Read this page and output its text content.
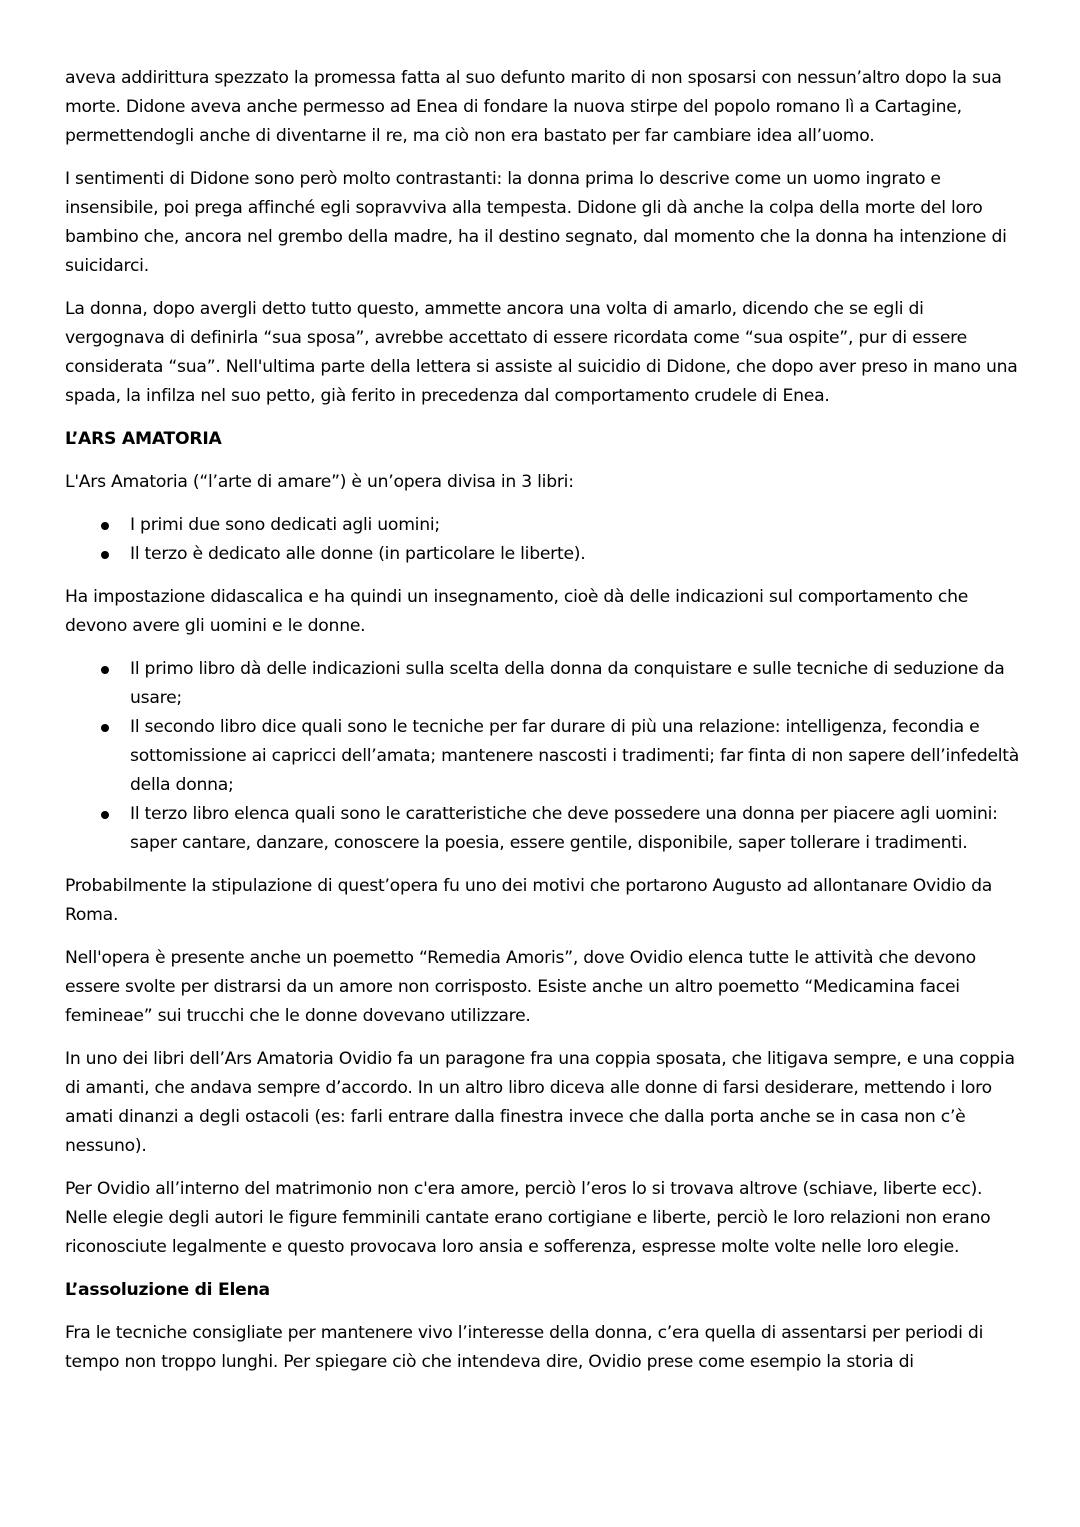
aveva addirittura spezzato la promessa fatta al suo defunto marito di non sposarsi con nessun’altro dopo la sua morte. Didone aveva anche permesso ad Enea di fondare la nuova stirpe del popolo romano lì a Cartagine, permettendogli anche di diventarne il re, ma ciò non era bastato per far cambiare idea all’uomo.

I sentimenti di Didone sono però molto contrastanti: la donna prima lo descrive come un uomo ingrato e insensibile, poi prega affinché egli sopravviva alla tempesta. Didone gli dà anche la colpa della morte del loro bambino che, ancora nel grembo della madre, ha il destino segnato, dal momento che la donna ha intenzione di suicidarci.

La donna, dopo avergli detto tutto questo, ammette ancora una volta di amarlo, dicendo che se egli di vergognava di definirla “sua sposa”, avrebbe accettato di essere ricordata come “sua ospite”, pur di essere considerata “sua”. Nell'ultima parte della lettera si assiste al suicidio di Didone, che dopo aver preso in mano una spada, la infilza nel suo petto, già ferito in precedenza dal comportamento crudele di Enea.

L’ARS AMATORIA

L'Ars Amatoria (“l’arte di amare”) è un’opera divisa in 3 libri:

I primi due sono dedicati agli uomini;
Il terzo è dedicato alle donne (in particolare le liberte).

Ha impostazione didascalica e ha quindi un insegnamento, cioè dà delle indicazioni sul comportamento che devono avere gli uomini e le donne.

Il primo libro dà delle indicazioni sulla scelta della donna da conquistare e sulle tecniche di seduzione da usare;
Il secondo libro dice quali sono le tecniche per far durare di più una relazione: intelligenza, fecondia e sottomissione ai capricci dell’amata; mantenere nascosti i tradimenti; far finta di non sapere dell’infedeltà della donna;
Il terzo libro elenca quali sono le caratteristiche che deve possedere una donna per piacere agli uomini: saper cantare, danzare, conoscere la poesia, essere gentile, disponibile, saper tollerare i tradimenti.

Probabilmente la stipulazione di quest’opera fu uno dei motivi che portarono Augusto ad allontanare Ovidio da Roma.

Nell'opera è presente anche un poemetto “Remedia Amoris”, dove Ovidio elenca tutte le attività che devono essere svolte per distrarsi da un amore non corrisposto. Esiste anche un altro poemetto “Medicamina facei femineae” sui trucchi che le donne dovevano utilizzare.

In uno dei libri dell’Ars Amatoria Ovidio fa un paragone fra una coppia sposata, che litigava sempre, e una coppia di amanti, che andava sempre d’accordo. In un altro libro diceva alle donne di farsi desiderare, mettendo i loro amati dinanzi a degli ostacoli (es: farli entrare dalla finestra invece che dalla porta anche se in casa non c’è nessuno).

Per Ovidio all’interno del matrimonio non c'era amore, perciò l’eros lo si trovava altrove (schiave, liberte ecc). Nelle elegie degli autori le figure femminili cantate erano cortigiane e liberte, perciò le loro relazioni non erano riconosciute legalmente e questo provocava loro ansia e sofferenza, espresse molte volte nelle loro elegie.

L’assoluzione di Elena

Fra le tecniche consigliate per mantenere vivo l’interesse della donna, c’era quella di assentarsi per periodi di tempo non troppo lunghi. Per spiegare ciò che intendeva dire, Ovidio prese come esempio la storia di
